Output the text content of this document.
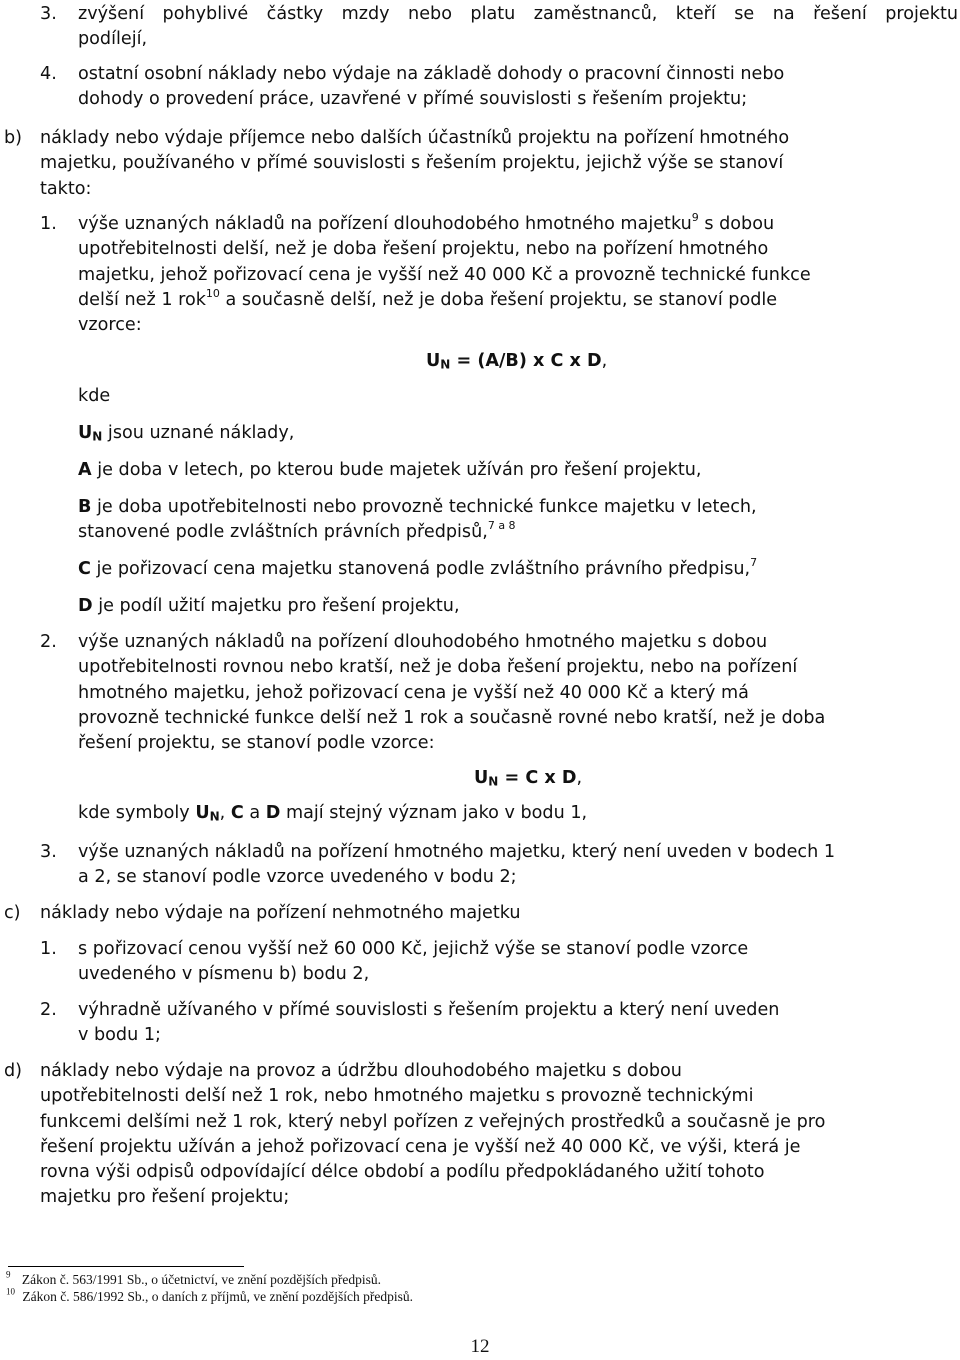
3. zvýšení pohyblivé částky mzdy nebo platu zaměstnanců, kteří se na řešení projektu
podílejí,
4. ostatní osobní náklady nebo výdaje na základě dohody o pracovní činnosti nebo
dohody o provedení práce, uzavřené v přímé souvislosti s řešením projektu;
b) náklady nebo výdaje příjemce nebo dalších účastníků projektu na pořízení hmotného
majetku, používaného v přímé souvislosti s řešením projektu, jejichž výše se stanoví
takto:
1. výše uznaných nákladů na pořízení dlouhodobého hmotného majetku$^9$ s dobou
upotřebitelnosti delší, než je doba řešení projektu, nebo na pořízení hmotného
majetku, jehož pořizovací cena je vyšší než 40 000 Kč a provozně technické funkce
delší než 1 rok$^{10}$ a současně delší, než je doba řešení projektu, se stanoví podle
vzorce:
$U_N = (A/B)$ x C x D,
kde
$U_N$ jsou uznané náklady,
A je doba v letech, po kterou bude majetek užíván pro řešení projektu,
B je doba upotřebitelnosti nebo provozně technické funkce majetku v letech,
stanovené podle zvláštních právních předpisů,$^{7 a 8}$
C je pořizovací cena majetku stanovená podle zvláštního právního předpisu,$^7$
D je podíl užití majetku pro řešení projektu,
2. výše uznaných nákladů na pořízení dlouhodobého hmotného majetku s dobou
upotřebitelnosti rovnou nebo kratší, než je doba řešení projektu, nebo na pořízení
hmotného majetku, jehož pořizovací cena je vyšší než 40 000 Kč a který má
provozně technické funkce delší než 1 rok a současně rovné nebo kratší, než je doba
řešení projektu, se stanoví podle vzorce:
$U_N = C$ x D,
kde symboly $U_N$, C a D mají stejný význam jako v bodu 1,
3. výše uznaných nákladů na pořízení hmotného majetku, který není uveden v bodech 1
a 2, se stanoví podle vzorce uvedeného v bodu 2;
c) náklady nebo výdaje na pořízení nehmotného majetku
1. s pořizovací cenou vyšší než 60 000 Kč, jejichž výše se stanoví podle vzorce
uvedeného v písmenu b) bodu 2,
2. výhradně užívaného v přímé souvislosti s řešením projektu a který není uveden
v bodu 1;
d) náklady nebo výdaje na provoz a údržbu dlouhodobého majetku s dobou
upotřebitelnosti delší než 1 rok, nebo hmotného majetku s provozně technickými
funkcemi delšími než 1 rok, který nebyl pořízen z veřejných prostředků a současně je pro
řešení projektu užíván a jehož pořizovací cena je vyšší než 40 000 Kč, ve výši, která je
rovna výši odpisů odpovídající délce období a podílu předpokládaného užití tohoto
majetku pro řešení projektu;
$^9$ Zákon č. 563/1991 Sb., o účetnictví, ve znění pozdějších předpisů.
$^{10}$ Zákon č. 586/1992 Sb., o daních z příjmů, ve znění pozdějších předpisů.
12
